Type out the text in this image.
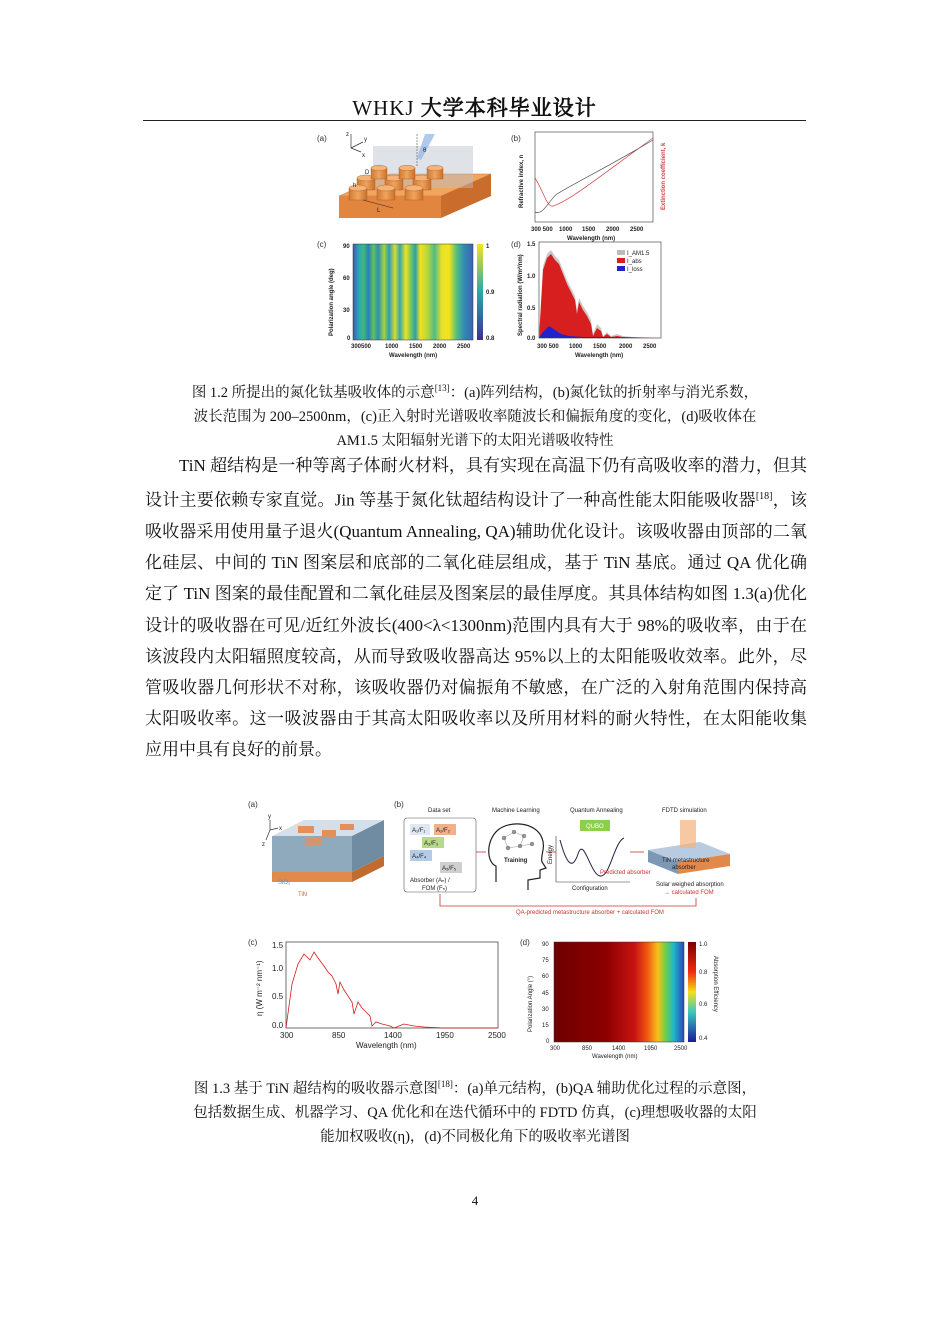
WHKJ 大学本科毕业设计
(a)	z
y
x
θ
h
D
L
(b)
300 500 1000 1500 2000 2500
Wavelength (nm)
Refractive index, n	Extinction coefficient, k
(c)	1
0.9
0.8
90
60
30
0
300500 1000 1500 2000 2500
Wavelength (nm)
Polarization angle (deg)
(d)
I_AM1.5
I_abs
I_loss
1.5
1.0
0.5
0.0
300 500 1000 1500 2000 2500
Wavelength (nm)
Spectral radiation (W/m²/nm)

图 1.2 所提出的氮化钛基吸收体的示意[13]：(a)阵列结构，(b)氮化钛的折射率与消光系数，

波长范围为 200–2500nm，(c)正入射时光谱吸收率随波长和偏振角度的变化，(d)吸收体在

AM1.5 太阳辐射光谱下的太阳光谱吸收特性

TiN 超结构是一种等离子体耐火材料，具有实现在高温下仍有高吸收率的潜力，但其设计主要依赖专家直觉。Jin 等基于氮化钛超结构设计了一种高性能太阳能吸收器[18]，该吸收器采用使用量子退火(Quantum Annealing, QA)辅助优化设计。该吸收器由顶部的二氧化硅层、中间的 TiN 图案层和底部的二氧化硅层组成，基于 TiN 基底。通过 QA 优化确定了 TiN 图案的最佳配置和二氧化硅层及图案层的最佳厚度。其具体结构如图 1.3(a)优化设计的吸收器在可见/近红外波长(400<λ<1300nm)范围内具有大于 98%的吸收率，由于在该波段内太阳辐照度较高，从而导致吸收器高达 95%以上的太阳能吸收效率。此外，尽管吸收器几何形状不对称，该吸收器仍对偏振角不敏感，在广泛的入射角范围内保持高太阳吸收率。这一吸波器由于其高太阳吸收率以及所用材料的耐火特性，在太阳能收集应用中具有良好的前景。

(a)
y
x
z
SiO₂
TiN
(b)
Data set	Machine Learning	Quantum Annealing	FDTD simulation
A₁/F₁ A₂/F₂
A₃/F₃
A₄/F₄
A₅/F₅
Absorber (Aₙ) /
FOM (Fₙ)
Training
QUBO
Energy
Configuration
Predicted absorber
TiN metastructure
absorber
Solar weighed absorption
→ calculated FOM
QA-predicted metastructure absorber + calculated FOM
(c) 1.5
1.0
0.5
0.0
300	850	1400	1950	2500
Wavelength (nm)
η (W m⁻² nm⁻¹)
(d)	1.0
0.8
0.6
0.4
Absorption Efficiency
90
75
60
45
30
15
0
300	850	1400	1950	2500
Wavelength (nm)
Polarization Angle (°)

图 1.3 基于 TiN 超结构的吸收器示意图[18]：(a)单元结构，(b)QA 辅助优化过程的示意图，

包括数据生成、机器学习、QA 优化和在迭代循环中的 FDTD 仿真，(c)理想吸收器的太阳

能加权吸收(η)，(d)不同极化角下的吸收率光谱图

4
